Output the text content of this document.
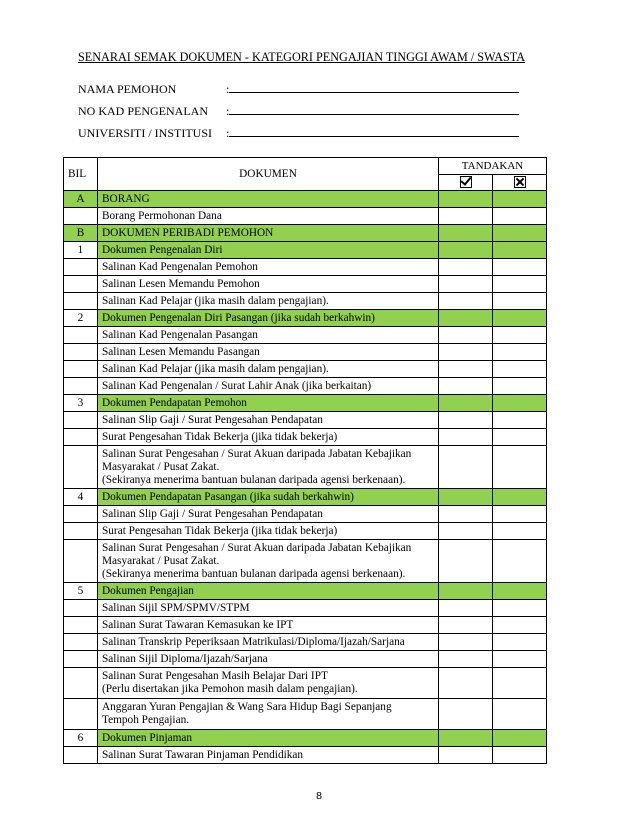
SENARAI SEMAK DOKUMEN - KATEGORI PENGAJIAN TINGGI AWAM / SWASTA
NAMA PEMOHON	:
NO KAD PENGENALAN :
UNIVERSITI / INSTITUSI :
BIL	DOKUMEN	TANDAKAN	

A	BORANG		
	Borang Permohonan Dana		
B	DOKUMEN PERIBADI PEMOHON		
1	Dokumen Pengenalan Diri		
	Salinan Kad Pengenalan Pemohon		
	Salinan Lesen Memandu Pemohon		
	Salinan Kad Pelajar (jika masih dalam pengajian).		
2	Dokumen Pengenalan Diri Pasangan (jika sudah berkahwin)		
	Salinan Kad Pengenalan Pasangan		
	Salinan Lesen Memandu Pasangan		
	Salinan Kad Pelajar (jika masih dalam pengajian).		
	Salinan Kad Pengenalan / Surat Lahir Anak (jika berkaitan)		
3	Dokumen Pendapatan Pemohon		
	Salinan Slip Gaji / Surat Pengesahan Pendapatan		
	Surat Pengesahan Tidak Bekerja (jika tidak bekerja)		

	Salinan Surat Pengesahan / Surat Akuan daripada Jabatan Kebajikan
Masyarakat / Pusat Zakat.
(Sekiranya menerima bantuan bulanan daripada agensi berkenaan).		

4	Dokumen Pendapatan Pasangan (jika sudah berkahwin)		
	Salinan Slip Gaji / Surat Pengesahan Pendapatan		
	Surat Pengesahan Tidak Bekerja (jika tidak bekerja)		

	Salinan Surat Pengesahan / Surat Akuan daripada Jabatan Kebajikan
Masyarakat / Pusat Zakat.
(Sekiranya menerima bantuan bulanan daripada agensi berkenaan).		

5	Dokumen Pengajian		
	Salinan Sijil SPM/SPMV/STPM		
	Salinan Surat Tawaran Kemasukan ke IPT		
	Salinan Transkrip Peperiksaan Matrikulasi/Diploma/Ijazah/Sarjana		
	Salinan Sijil Diploma/Ijazah/Sarjana		

	Salinan Surat Pengesahan Masih Belajar Dari IPT
(Perlu disertakan jika Pemohon masih dalam pengajian).		

	Anggaran Yuran Pengajian & Wang Sara Hidup Bagi Sepanjang
Tempoh Pengajian.		

6	Dokumen Pinjaman		
	Salinan Surat Tawaran Pinjaman Pendidikan		
8
